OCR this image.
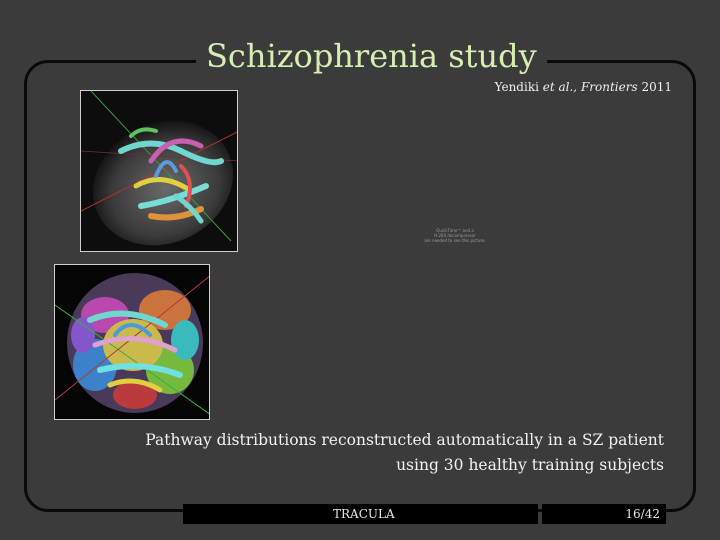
Schizophrenia study
Yendiki et al., Frontiers 2011
QuickTime™ and a
H.264 decompressor
are needed to see this picture.
Pathway distributions reconstructed automatically in a SZ patient
using 30 healthy training subjects
TRACULA	16/42
